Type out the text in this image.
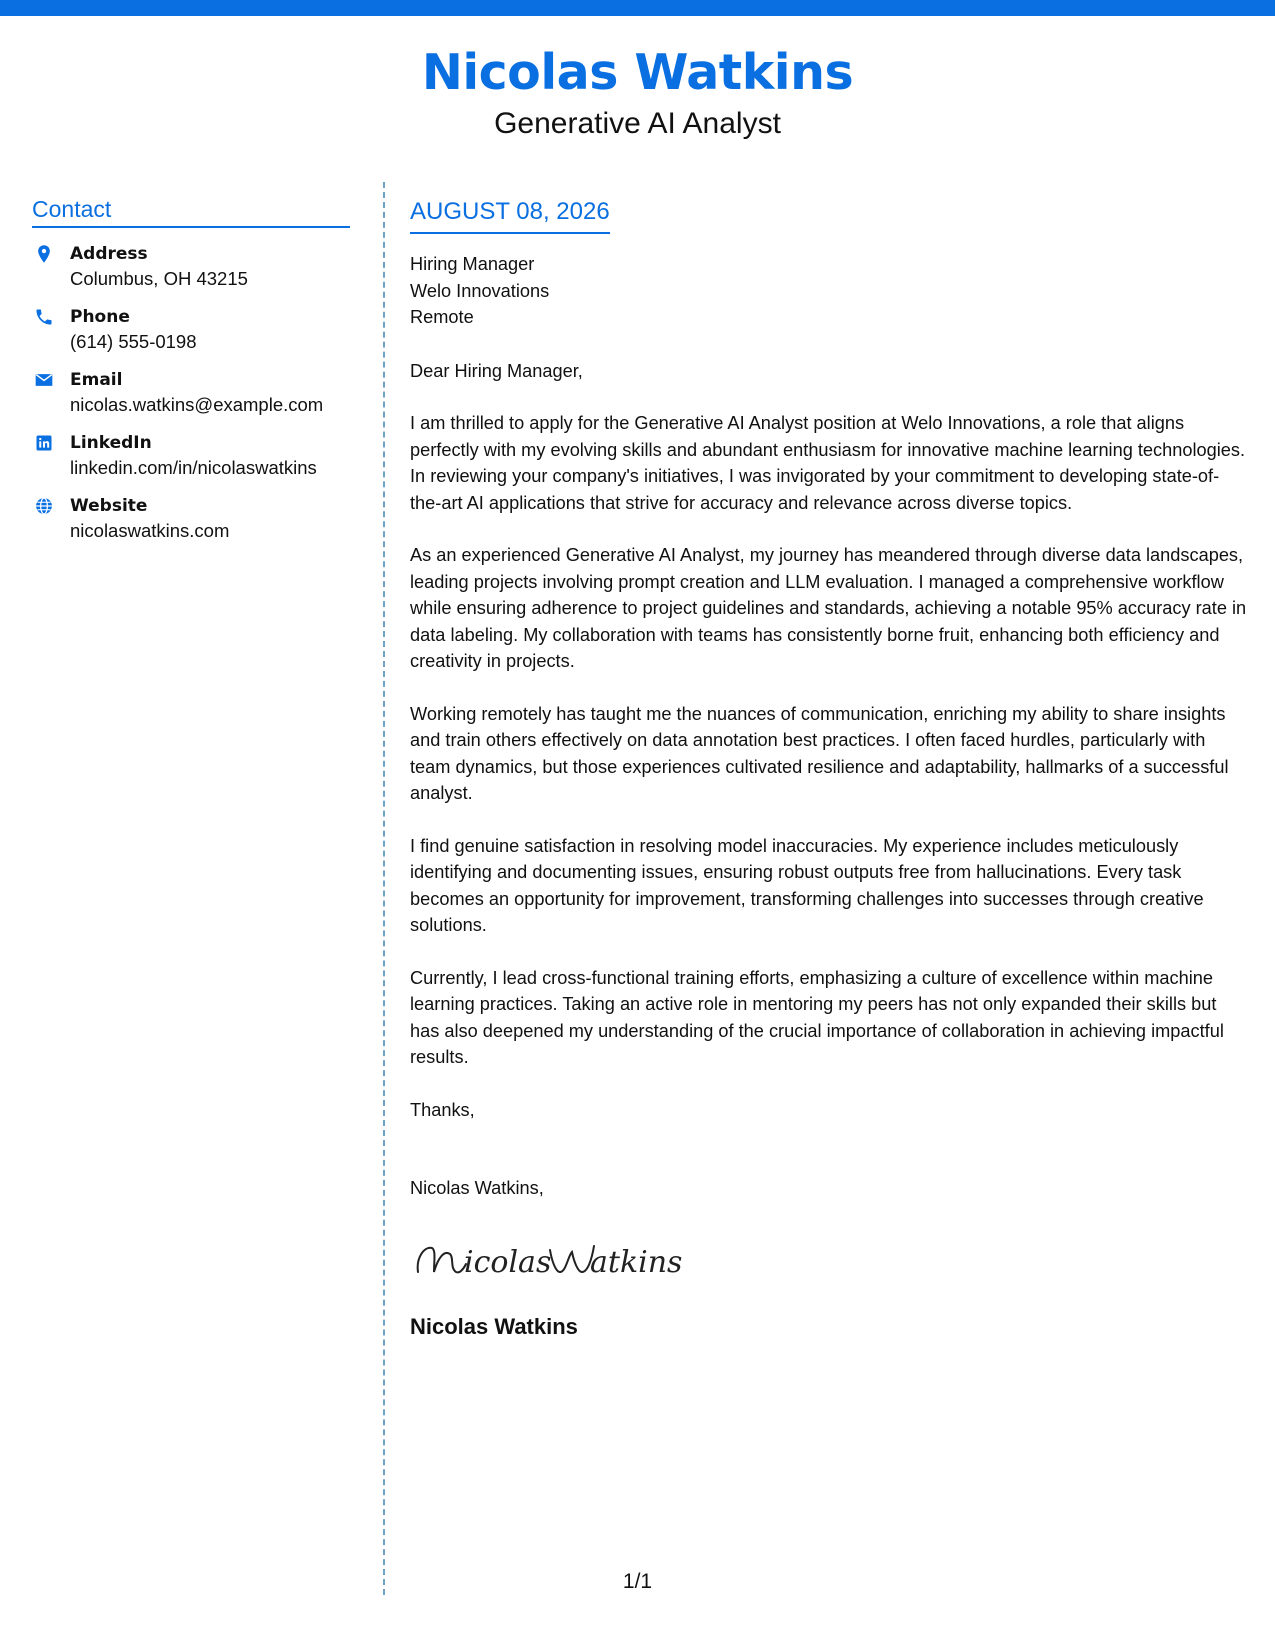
Nicolas Watkins
Generative AI Analyst
Contact
Address
Columbus, OH 43215
Phone
(614) 555-0198
Email
nicolas.watkins@example.com
LinkedIn
linkedin.com/in/nicolaswatkins
Website
nicolaswatkins.com
AUGUST 08, 2026
Hiring Manager
Welo Innovations
Remote
Dear Hiring Manager,
I am thrilled to apply for the Generative AI Analyst position at Welo Innovations, a role that aligns perfectly with my evolving skills and abundant enthusiasm for innovative machine learning technologies. In reviewing your company's initiatives, I was invigorated by your commitment to developing state-of-the-art AI applications that strive for accuracy and relevance across diverse topics.
As an experienced Generative AI Analyst, my journey has meandered through diverse data landscapes, leading projects involving prompt creation and LLM evaluation. I managed a comprehensive workflow while ensuring adherence to project guidelines and standards, achieving a notable 95% accuracy rate in data labeling. My collaboration with teams has consistently borne fruit, enhancing both efficiency and creativity in projects.
Working remotely has taught me the nuances of communication, enriching my ability to share insights and train others effectively on data annotation best practices. I often faced hurdles, particularly with team dynamics, but those experiences cultivated resilience and adaptability, hallmarks of a successful analyst.
I find genuine satisfaction in resolving model inaccuracies. My experience includes meticulously identifying and documenting issues, ensuring robust outputs free from hallucinations. Every task becomes an opportunity for improvement, transforming challenges into successes through creative solutions.
Currently, I lead cross-functional training efforts, emphasizing a culture of excellence within machine learning practices. Taking an active role in mentoring my peers has not only expanded their skills but has also deepened my understanding of the crucial importance of collaboration in achieving impactful results.
Thanks,
Nicolas Watkins,
icolas atkins
Nicolas Watkins
1/1
